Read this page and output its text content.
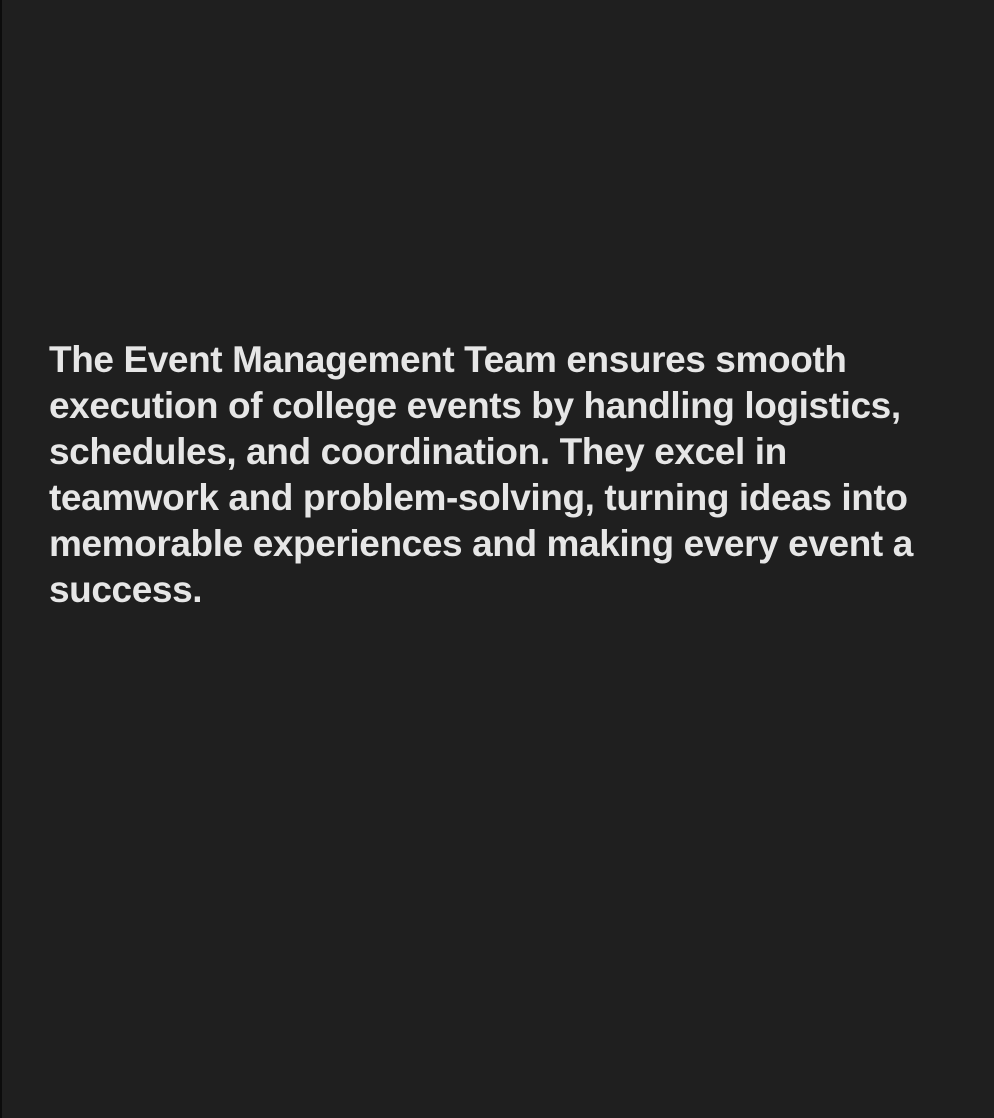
The Event Management Team ensures smooth execution of college events by handling logistics, schedules, and coordination. They excel in teamwork and problem-solving, turning ideas into memorable experiences and making every event a success.
